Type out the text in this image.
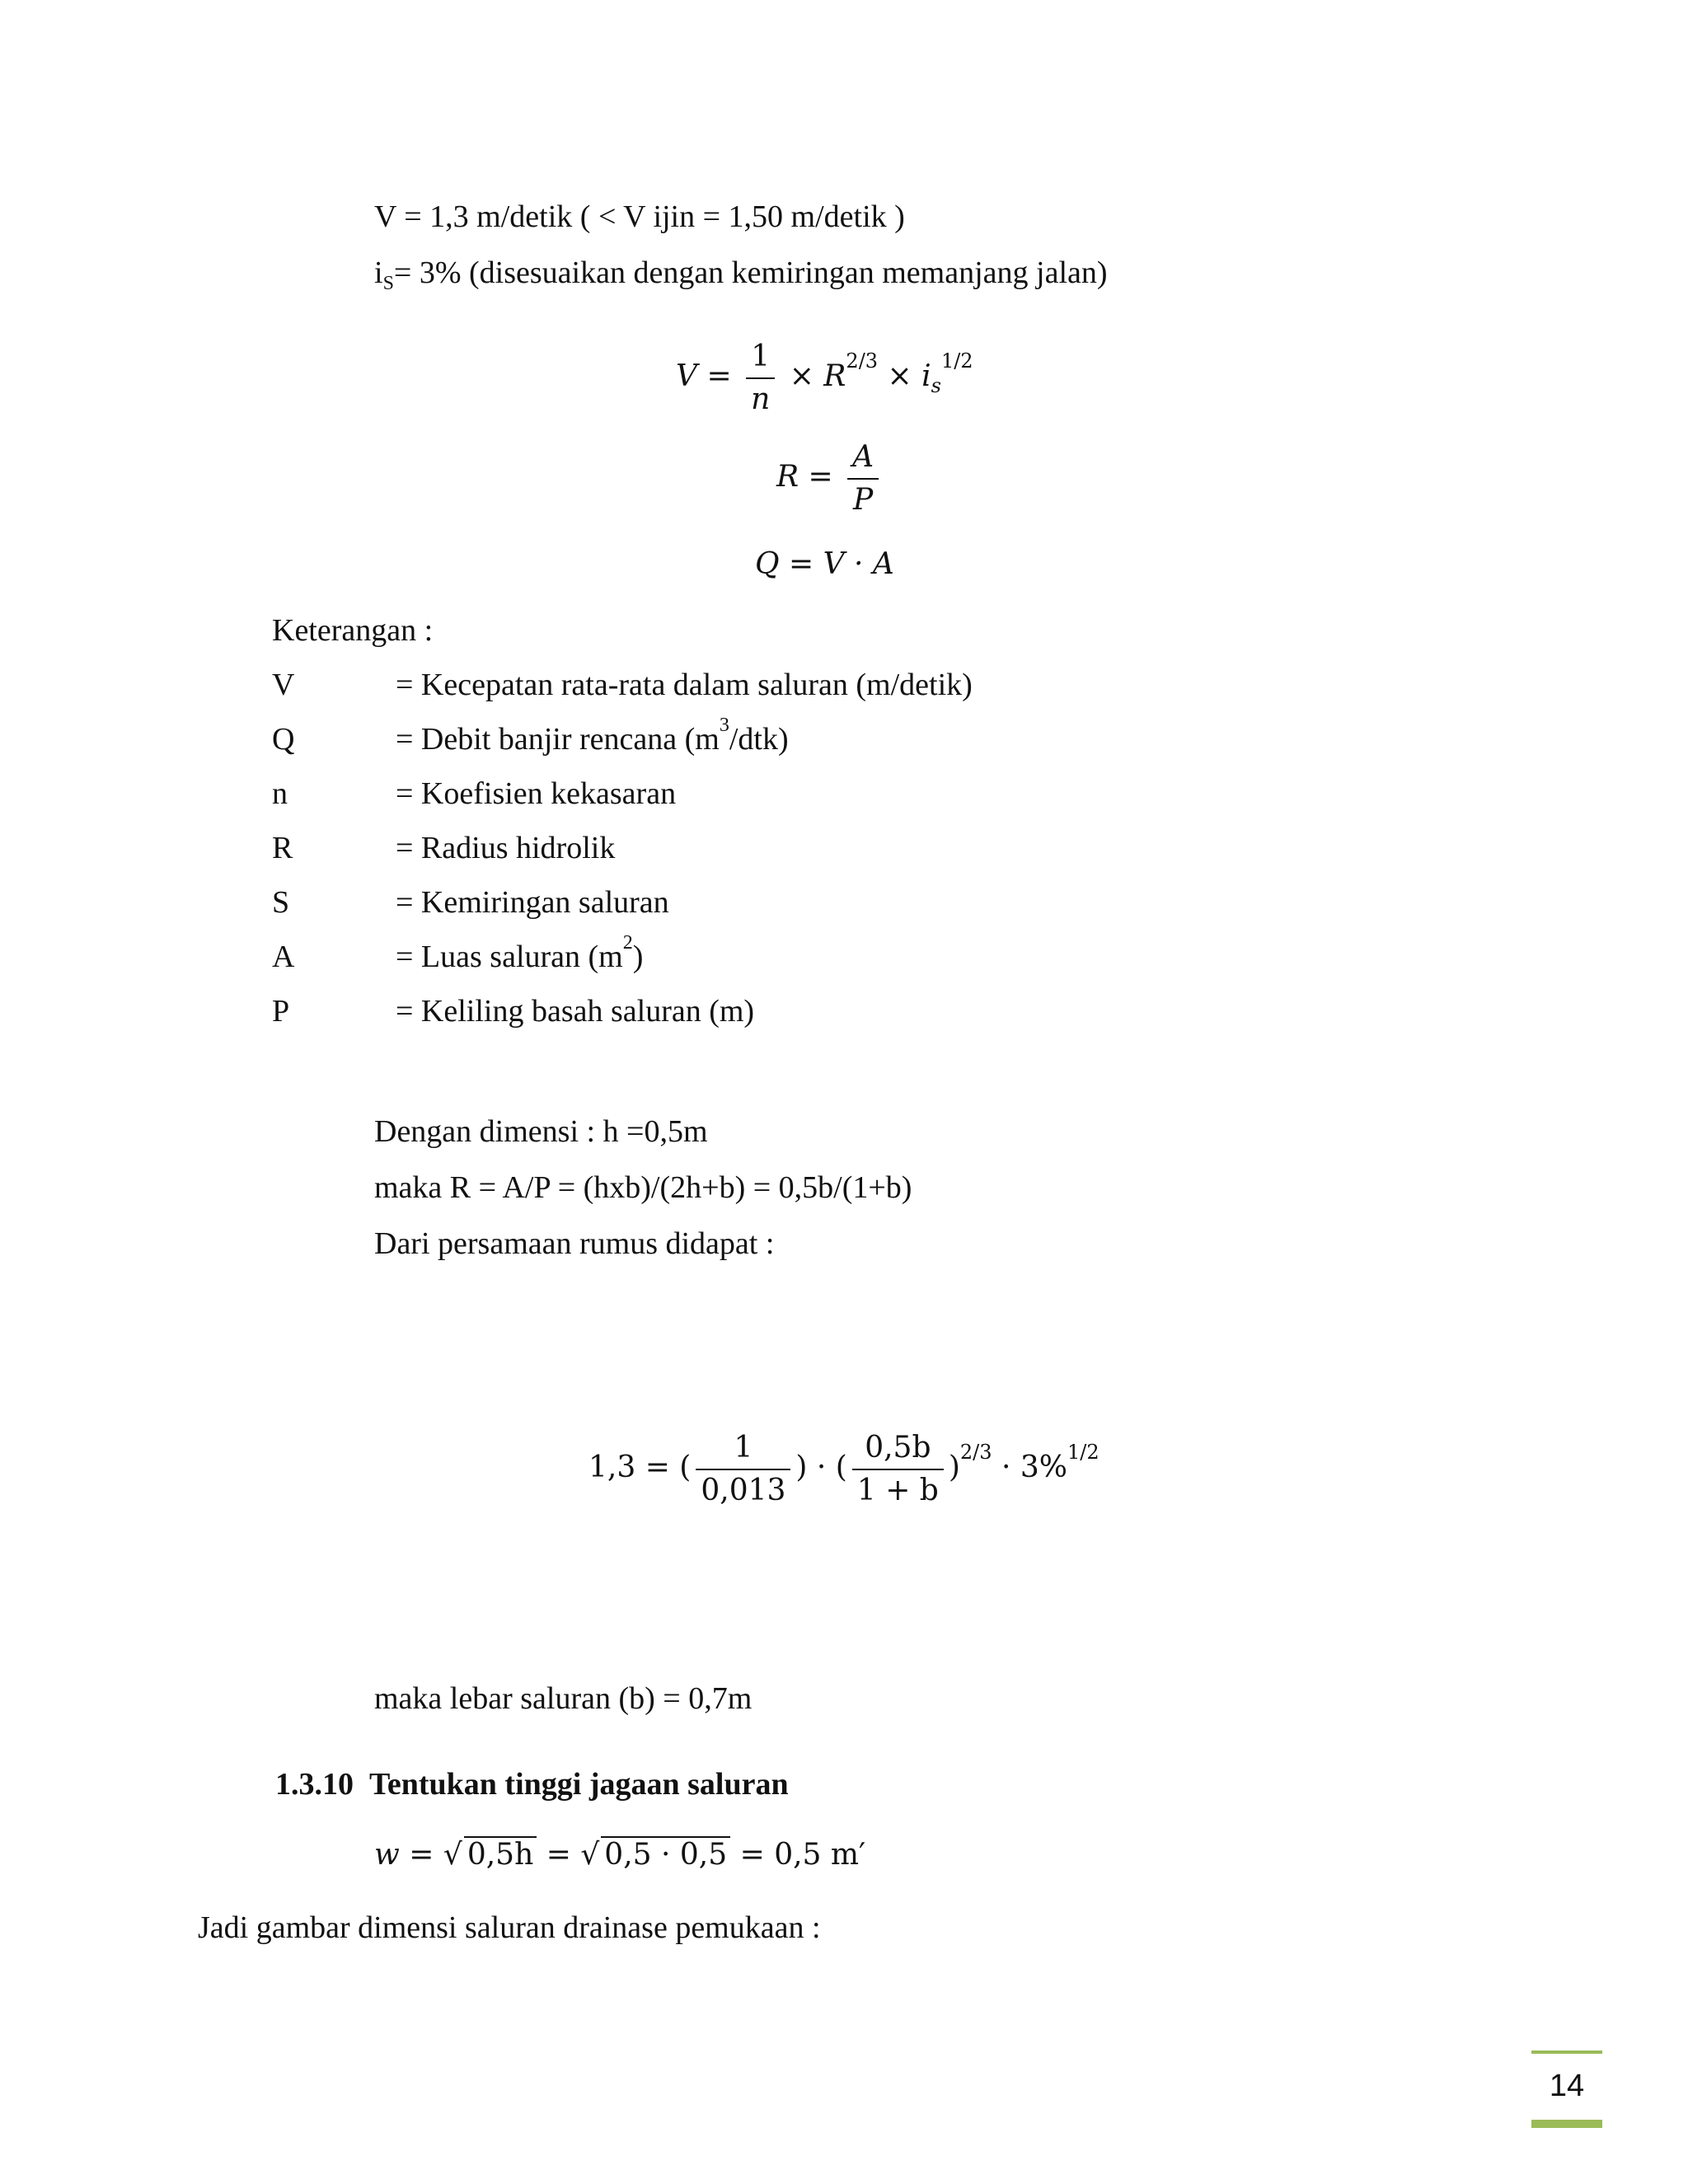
V = 1,3 m/detik ( < V ijin = 1,50 m/detik )
$i_S= 3\%$ (disesuaikan dengan kemiringan memanjang jalan)
$V = \frac{1}{n} \times R^{2/3} \times i_s^{1/2}$
$R = \frac{A}{P}$
Q = V · A
Keterangan :
V	= Kecepatan rata-rata dalam saluran (m/detik)
Q	= Debit banjir rencana $(m^3/dtk)$
n	= Koefisien kekasaran
R	= Radius hidrolik
S	= Kemiringan saluran
A	= Luas saluran $(m^2)$
P	= Keliling basah saluran (m)
Dengan dimensi : h =0,5m
maka R = A/P = (hxb)/(2h+b) = 0,5b/(1+b)
Dari persamaan rumus didapat :
1,3 = ( $\frac{1}{0,013}$ ) · ( $\frac{0,5b}{1 + b} )^{2/3} \cdot 3\%^{1/2}$
maka lebar saluran (b) = 0,7m
1.3.10 Tentukan tinggi jagaan saluran
w = √ 0,5h = √ 0,5 · 0,5 = 0,5 m′
Jadi gambar dimensi saluran drainase pemukaan :
14
